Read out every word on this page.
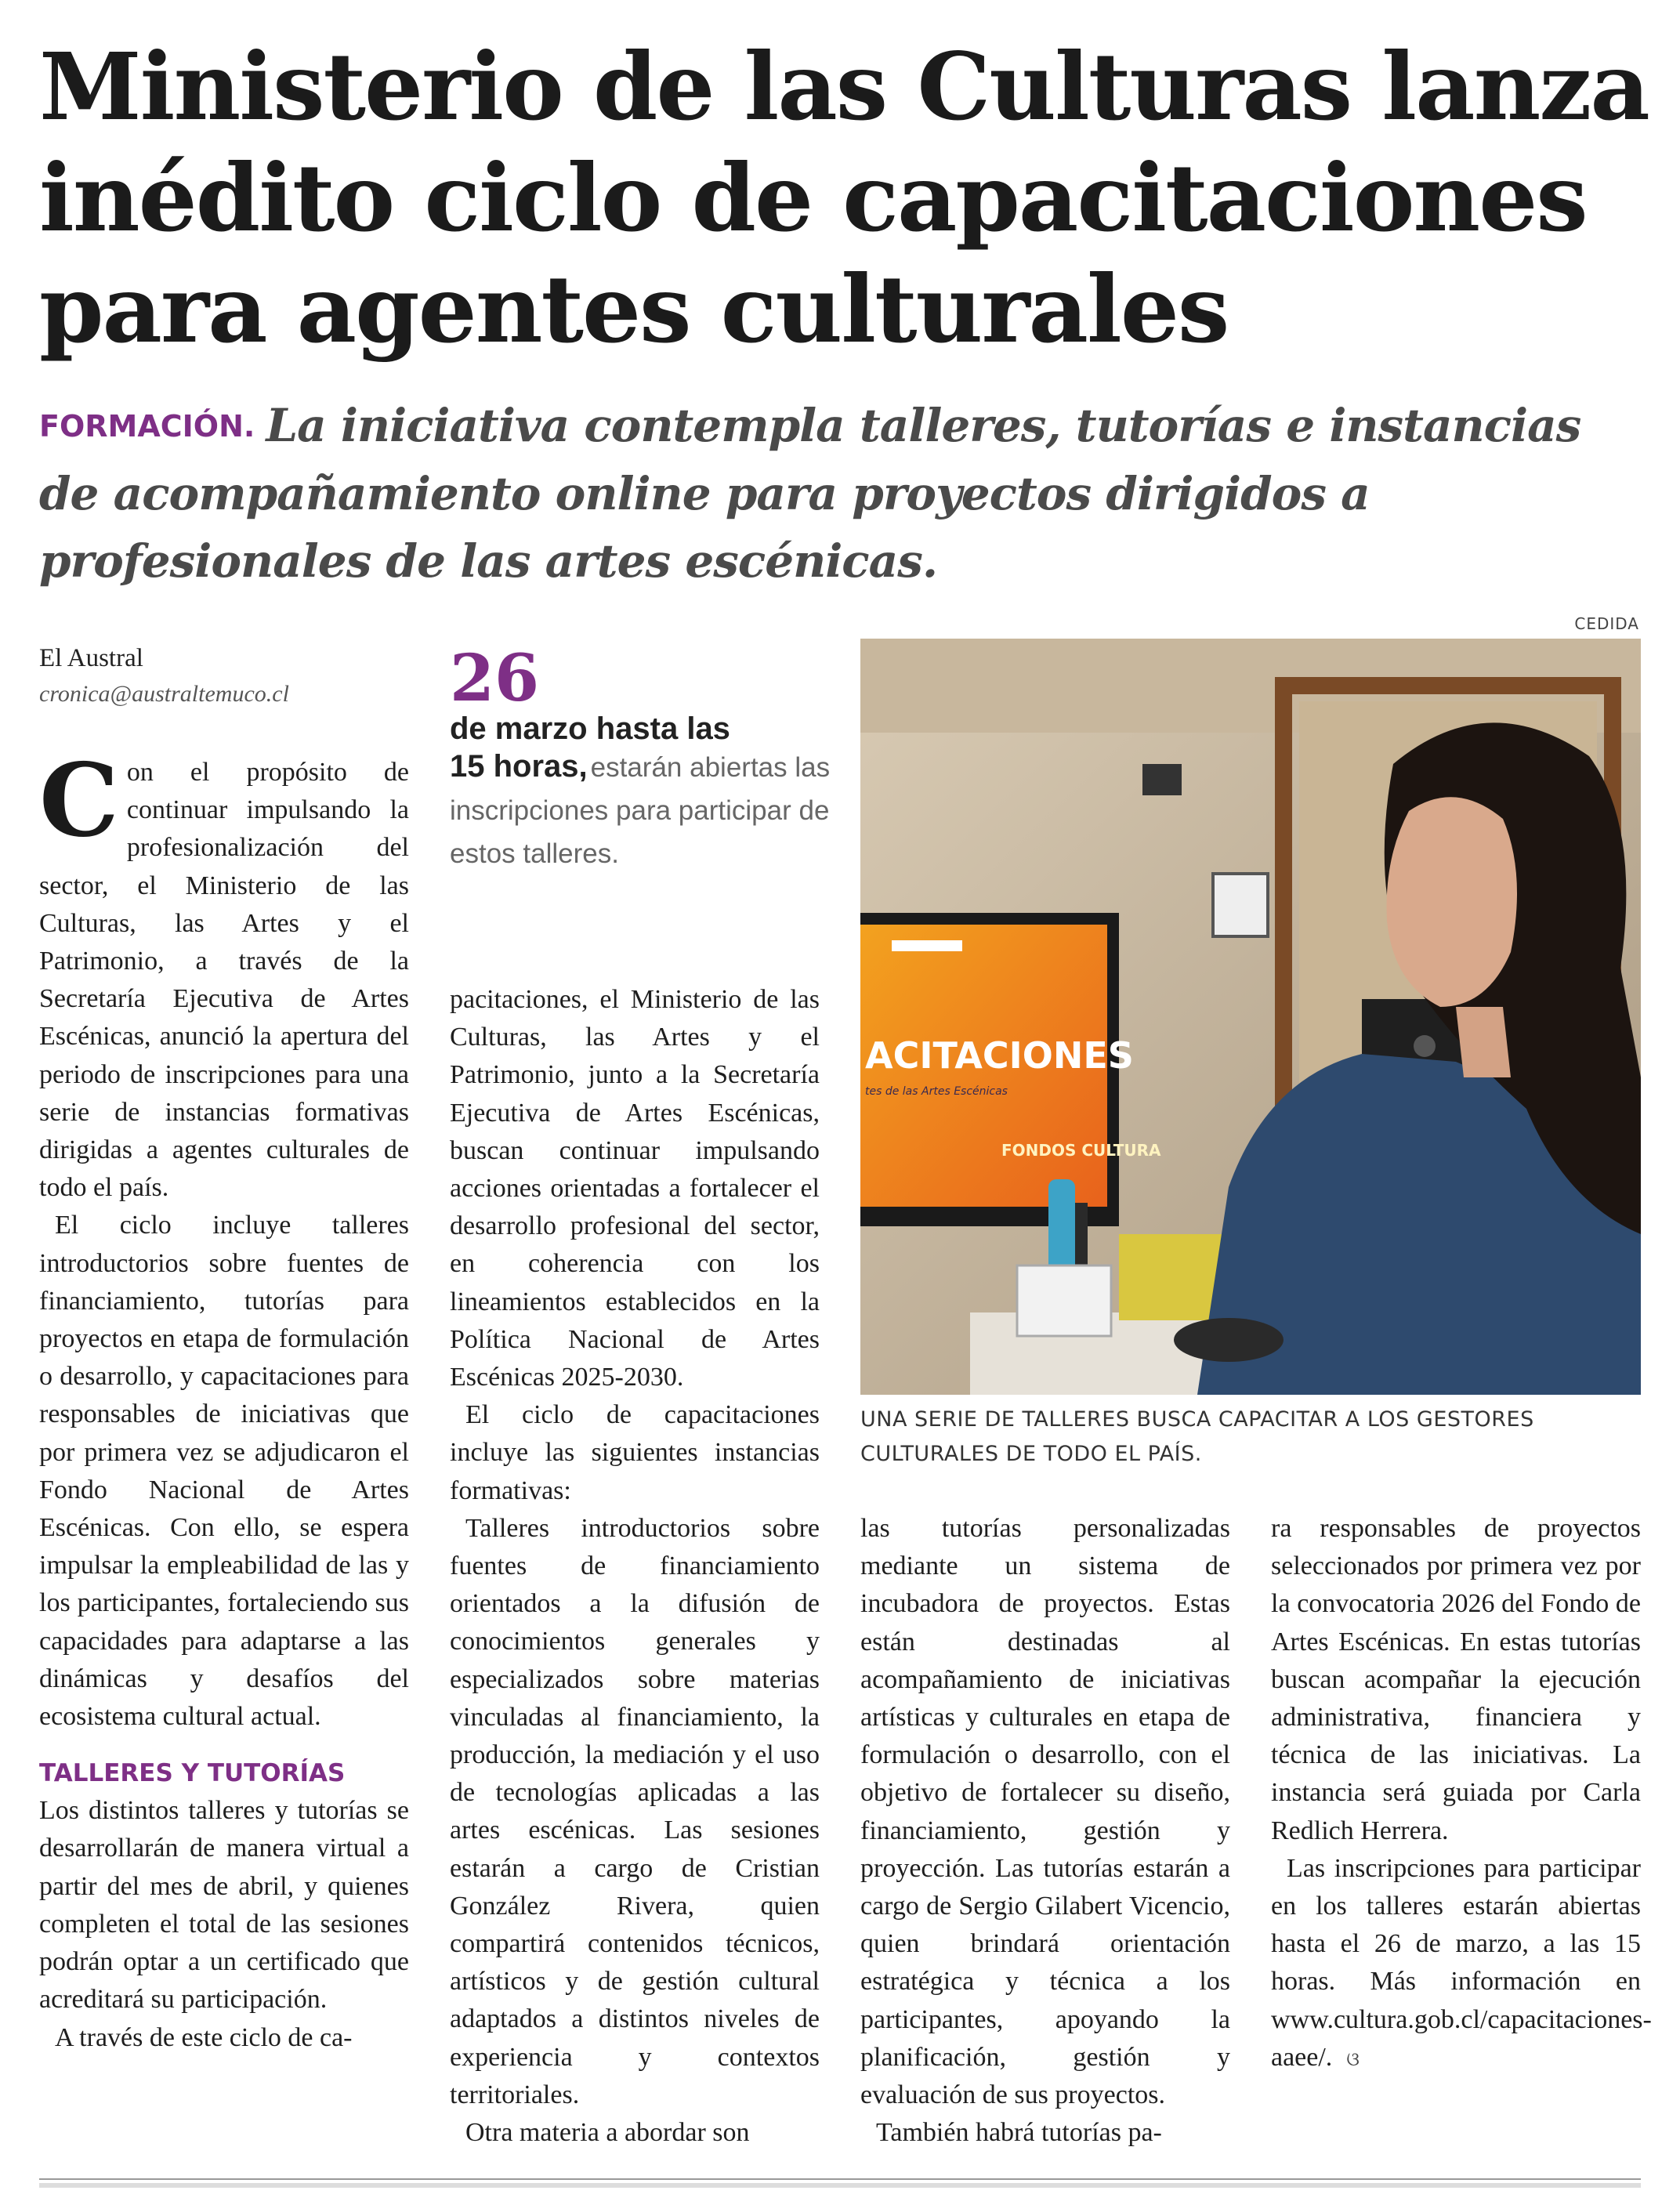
Ministerio de las Culturas lanza
inédito ciclo de capacitaciones
para agentes culturales
FORMACIÓN. La iniciativa contempla talleres, tutorías e instancias
de acompañamiento online para proyectos dirigidos a
profesionales de las artes escénicas.
CEDIDA
El Austral
cronica@australtemuco.cl	26
de marzo hasta las
15 horas, estarán abiertas las inscripciones para participar de estos talleres.

Con el propósito de continuar impulsando la profesionalización del sector, el Ministerio de las Culturas, las Artes y el Patrimonio, a través de la Secretaría Ejecutiva de Artes Escénicas, anunció la apertura del periodo de inscripciones para una serie de instancias formativas dirigidas a agentes culturales de todo el país.

El ciclo incluye talleres introductorios sobre fuentes de financiamiento, tutorías para proyectos en etapa de formulación o desarrollo, y capacitaciones para responsables de iniciativas que por primera vez se adjudicaron el Fondo Nacional de Artes Escénicas. Con ello, se espera impulsar la empleabilidad de las y los participantes, fortaleciendo sus capacidades para adaptarse a las dinámicas y desafíos del ecosistema cultural actual.

TALLERES Y TUTORÍAS

Los distintos talleres y tutorías se desarrollarán de manera virtual a partir del mes de abril, y quienes completen el total de las sesiones podrán optar a un certificado que acreditará su participación.

A través de este ciclo de ca-

pacitaciones, el Ministerio de las Culturas, las Artes y el Patrimonio, junto a la Secretaría Ejecutiva de Artes Escénicas, buscan continuar impulsando acciones orientadas a fortalecer el desarrollo profesional del sector, en coherencia con los lineamientos establecidos en la Política Nacional de Artes Escénicas 2025-2030.

El ciclo de capacitaciones incluye las siguientes instancias formativas:

Talleres introductorios sobre fuentes de financiamiento orientados a la difusión de conocimientos generales y especializados sobre materias vinculadas al financiamiento, la producción, la mediación y el uso de tecnologías aplicadas a las artes escénicas. Las sesiones estarán a cargo de Cristian González Rivera, quien compartirá contenidos técnicos, artísticos y de gestión cultural adaptados a distintos niveles de experiencia y contextos territoriales.

Otra materia a abordar son

ACITACIONES
tes de las Artes Escénicas
FONDOS CULTURA
UNA SERIE DE TALLERES BUSCA CAPACITAR A LOS GESTORES CULTURALES DE TODO EL PAÍS.

las tutorías personalizadas mediante un sistema de incubadora de proyectos. Estas están destinadas al acompañamiento de iniciativas artísticas y culturales en etapa de formulación o desarrollo, con el objetivo de fortalecer su diseño, financiamiento, gestión y proyección. Las tutorías estarán a cargo de Sergio Gilabert Vicencio, quien brindará orientación estratégica y técnica a los participantes, apoyando la planificación, gestión y evaluación de sus proyectos.

También habrá tutorías pa-

ra responsables de proyectos seleccionados por primera vez por la convocatoria 2026 del Fondo de Artes Escénicas. En estas tutorías buscan acompañar la ejecución administrativa, financiera y técnica de las iniciativas. La instancia será guiada por Carla Redlich Herrera.

Las inscripciones para participar en los talleres estarán abiertas hasta el 26 de marzo, a las 15 horas. Más información en www.cultura.gob.cl/capacitaciones-aaee/. ଓ
